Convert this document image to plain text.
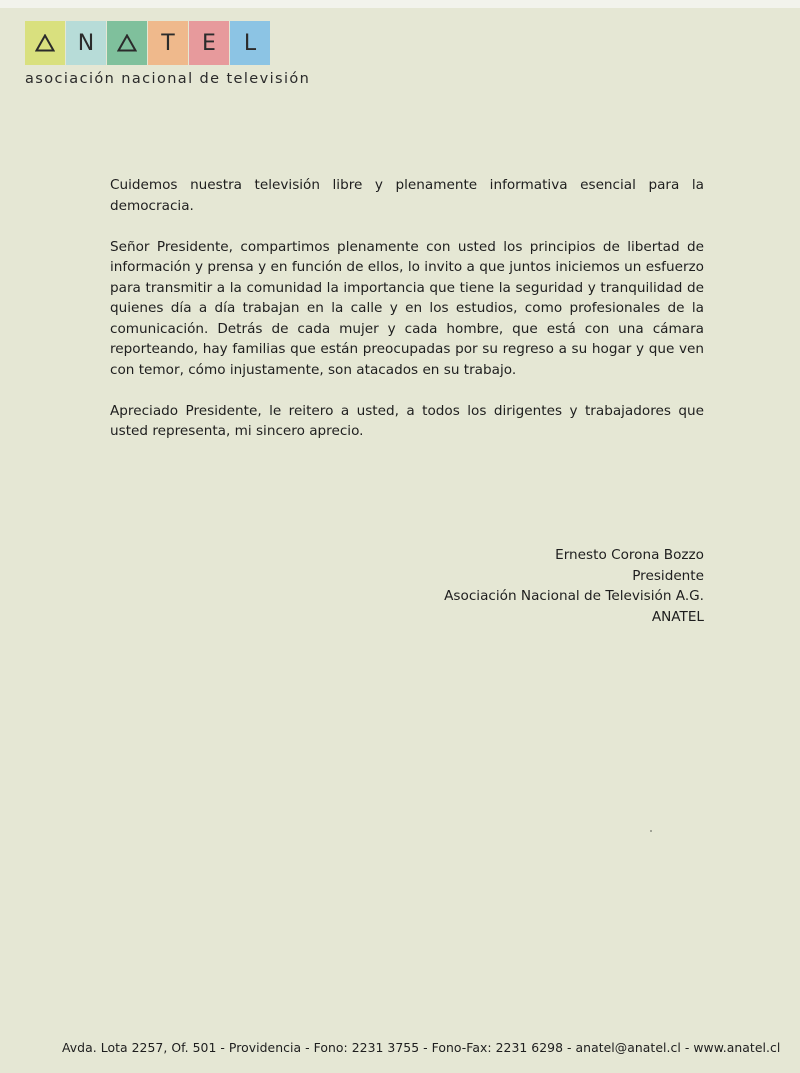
N	T	E	L
asociación nacional de televisión

Cuidemos nuestra televisión libre y plenamente informativa esencial para la democracia.

Señor Presidente, compartimos plenamente con usted los principios de libertad de información y prensa y en función de ellos, lo invito a que juntos iniciemos un esfuerzo para transmitir a la comunidad la importancia que tiene la seguridad y tranquilidad de quienes día a día trabajan en la calle y en los estudios, como profesionales de la comunicación. Detrás de cada mujer y cada hombre, que está con una cámara reporteando, hay familias que están preocupadas por su regreso a su hogar y que ven con temor, cómo injustamente, son atacados en su trabajo.

Apreciado Presidente, le reitero a usted, a todos los dirigentes y trabajadores que usted representa, mi sincero aprecio.

Ernesto Corona Bozzo
Presidente
Asociación Nacional de Televisión A.G.
ANATEL
Avda. Lota 2257, Of. 501 - Providencia - Fono: 2231 3755 - Fono-Fax: 2231 6298 - anatel@anatel.cl - www.anatel.cl
